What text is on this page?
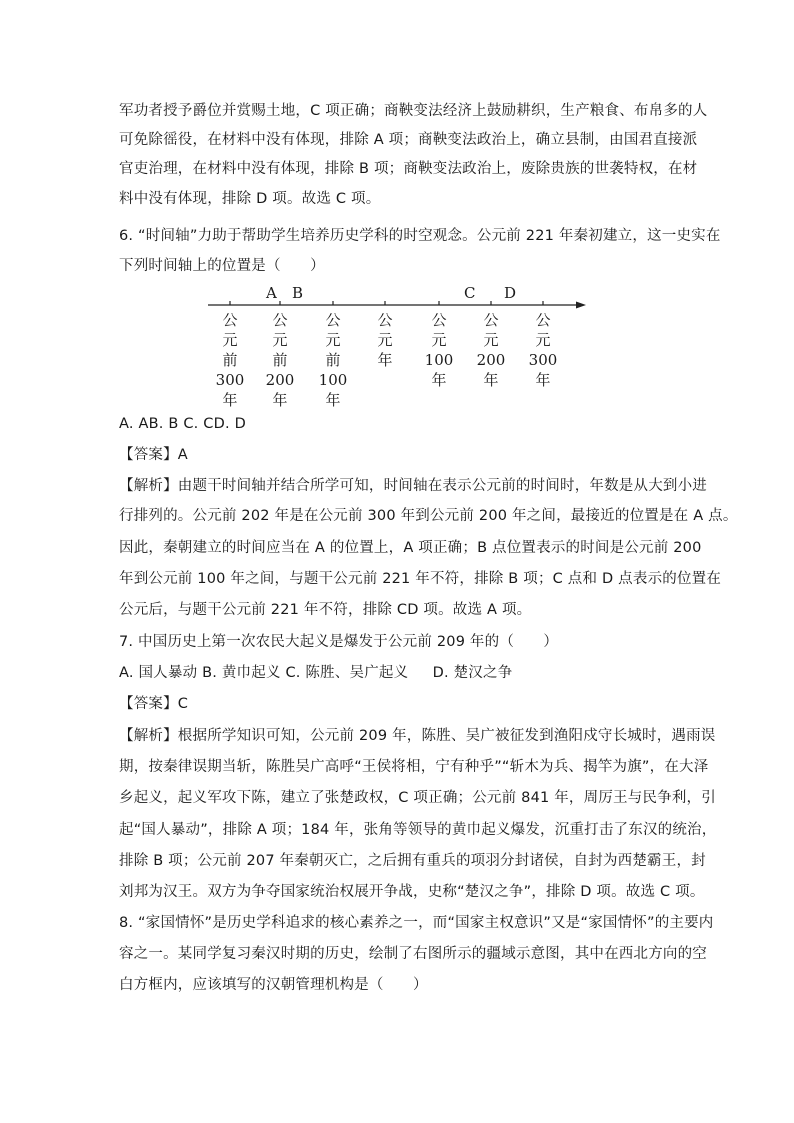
军功者授予爵位并赏赐土地，C 项正确；商鞅变法经济上鼓励耕织，生产粮食、布帛多的人
可免除徭役，在材料中没有体现，排除 A 项；商鞅变法政治上，确立县制，由国君直接派
官吏治理，在材料中没有体现，排除 B 项；商鞅变法政治上，废除贵族的世袭特权，在材
料中没有体现，排除 D 项。故选 C 项。
6. “时间轴”力助于帮助学生培养历史学科的时空观念。公元前 221 年秦初建立，这一史实在
下列时间轴上的位置是（　　）
A B	C D
公
元
前
300
年
公
元
前
200
年
公
元
前
100
年
公
元
年
公
元
100
年
公
元
200
年
公
元
300
年
A. AB. B C. CD. D
【答案】A
【解析】由题干时间轴并结合所学可知，时间轴在表示公元前的时间时，年数是从大到小进
行排列的。公元前 202 年是在公元前 300 年到公元前 200 年之间，最接近的位置是在 A 点。
因此，秦朝建立的时间应当在 A 的位置上，A 项正确；B 点位置表示的时间是公元前 200
年到公元前 100 年之间，与题干公元前 221 年不符，排除 B 项；C 点和 D 点表示的位置在
公元后，与题干公元前 221 年不符，排除 CD 项。故选 A 项。
7. 中国历史上第一次农民大起义是爆发于公元前 209 年的（　　）
A. 国人暴动 B. 黄巾起义 C. 陈胜、吴广起义 　 D. 楚汉之争
【答案】C
【解析】根据所学知识可知，公元前 209 年，陈胜、吴广被征发到渔阳戍守长城时，遇雨误
期，按秦律误期当斩，陈胜吴广高呼“王侯将相，宁有种乎”“斩木为兵、揭竿为旗”，在大泽
乡起义，起义军攻下陈，建立了张楚政权，C 项正确；公元前 841 年，周厉王与民争利，引
起“国人暴动”，排除 A 项；184 年，张角等领导的黄巾起义爆发，沉重打击了东汉的统治，
排除 B 项；公元前 207 年秦朝灭亡，之后拥有重兵的项羽分封诸侯，自封为西楚霸王，封
刘邦为汉王。双方为争夺国家统治权展开争战，史称“楚汉之争”，排除 D 项。故选 C 项。
8. “家国情怀”是历史学科追求的核心素养之一，而“国家主权意识”又是“家国情怀”的主要内
容之一。某同学复习秦汉时期的历史，绘制了右图所示的疆域示意图，其中在西北方向的空
白方框内，应该填写的汉朝管理机构是（　　）
